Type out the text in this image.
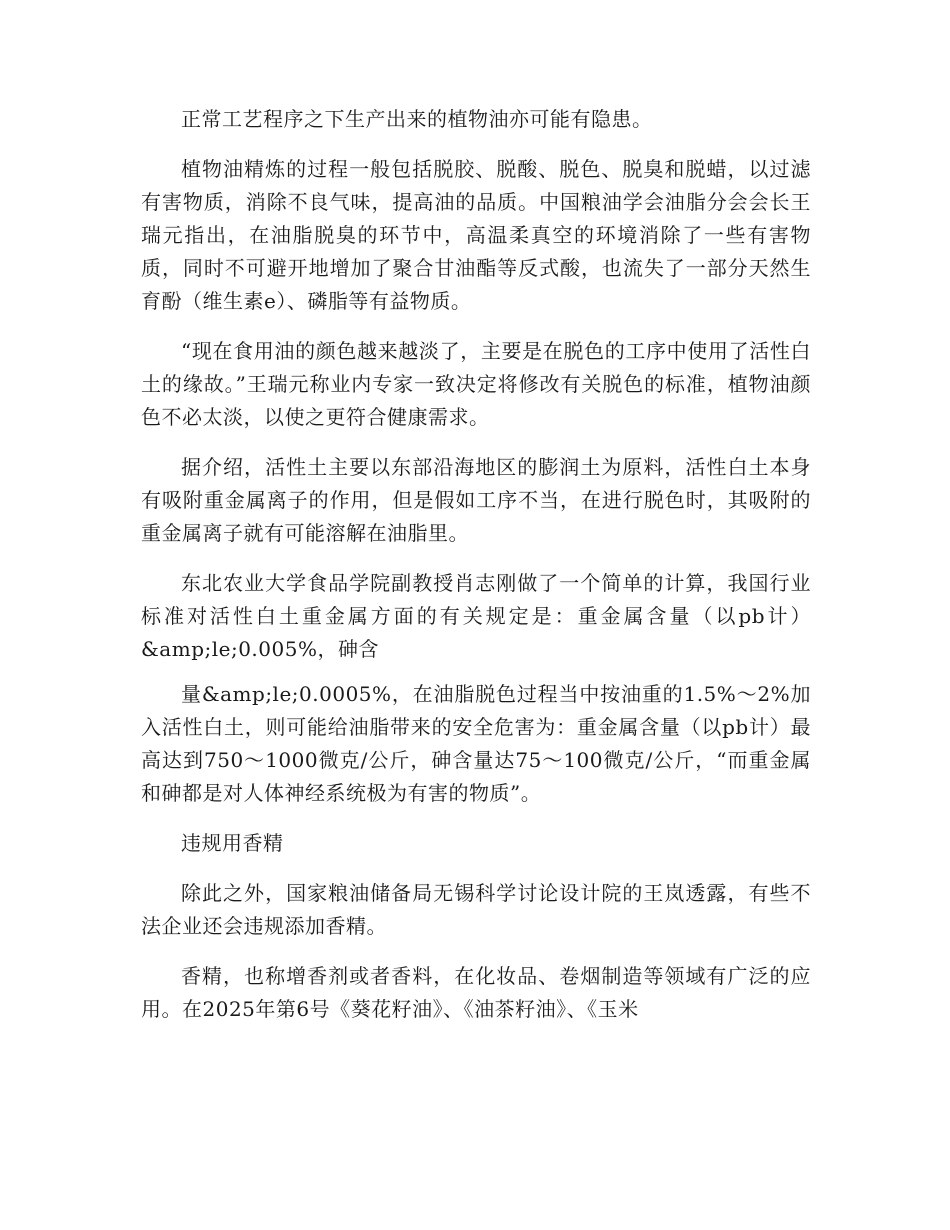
正常工艺程序之下生产出来的植物油亦可能有隐患。

植物油精炼的过程一般包括脱胶、脱酸、脱色、脱臭和脱蜡，以过滤有害物质，消除不良气味，提高油的品质。中国粮油学会油脂分会会长王瑞元指出，在油脂脱臭的环节中，高温柔真空的环境消除了一些有害物质，同时不可避开地增加了聚合甘油酯等反式酸，也流失了一部分天然生育酚（维生素e）、磷脂等有益物质。

“现在食用油的颜色越来越淡了，主要是在脱色的工序中使用了活性白土的缘故。”王瑞元称业内专家一致决定将修改有关脱色的标准，植物油颜色不必太淡，以使之更符合健康需求。

据介绍，活性土主要以东部沿海地区的膨润土为原料，活性白土本身有吸附重金属离子的作用，但是假如工序不当，在进行脱色时，其吸附的重金属离子就有可能溶解在油脂里。

东北农业大学食品学院副教授肖志刚做了一个简单的计算，我国行业标准对活性白土重金属方面的有关规定是：重金属含量（以pb计）&amp;le;0.005%，砷含

量&amp;le;0.0005%，在油脂脱色过程当中按油重的1.5%～2%加入活性白土，则可能给油脂带来的安全危害为：重金属含量（以pb计）最高达到750～1000微克/公斤，砷含量达75～100微克/公斤，“而重金属和砷都是对人体神经系统极为有害的物质”。

违规用香精

除此之外，国家粮油储备局无锡科学讨论设计院的王岚透露，有些不法企业还会违规添加香精。

香精，也称增香剂或者香料，在化妆品、卷烟制造等领域有广泛的应用。在2025年第6号《葵花籽油》、《油茶籽油》、《玉米
